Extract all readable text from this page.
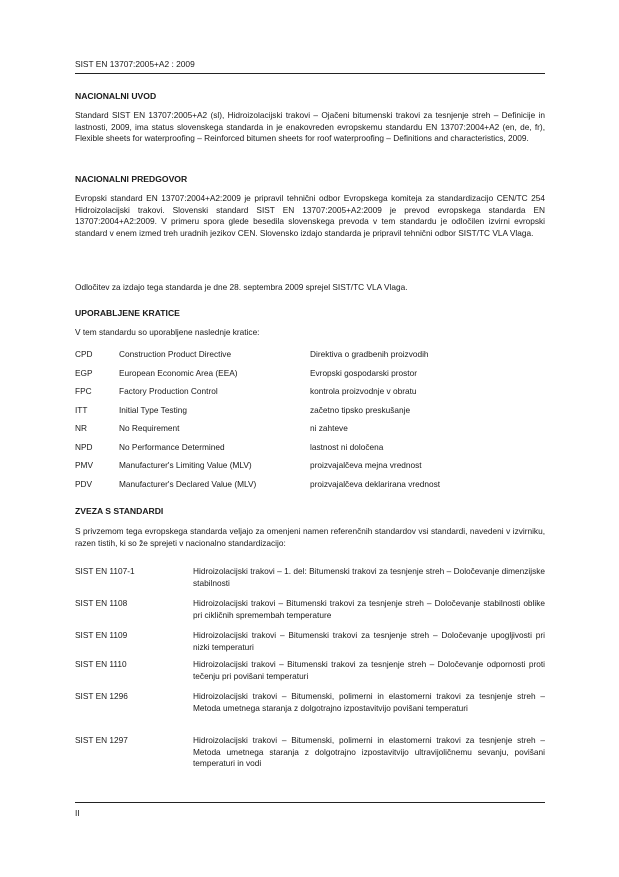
SIST EN 13707:2005+A2 : 2009
NACIONALNI UVOD
Standard SIST EN 13707:2005+A2 (sl), Hidroizolacijski trakovi – Ojačeni bitumenski trakovi za tesnjenje streh – Definicije in lastnosti, 2009, ima status slovenskega standarda in je enakovreden evropskemu standardu EN 13707:2004+A2 (en, de, fr), Flexible sheets for waterproofing – Reinforced bitumen sheets for roof waterproofing – Definitions and characteristics, 2009.
NACIONALNI PREDGOVOR
Evropski standard EN 13707:2004+A2:2009 je pripravil tehnični odbor Evropskega komiteja za standardizacijo CEN/TC 254 Hidroizolacijski trakovi. Slovenski standard SIST EN 13707:2005+A2:2009 je prevod evropskega standarda EN 13707:2004+A2:2009. V primeru spora glede besedila slovenskega prevoda v tem standardu je odločilen izvirni evropski standard v enem izmed treh uradnih jezikov CEN. Slovensko izdajo standarda je pripravil tehnični odbor SIST/TC VLA Vlaga.
Odločitev za izdajo tega standarda je dne 28. septembra 2009 sprejel SIST/TC VLA Vlaga.
UPORABLJENE KRATICE
V tem standardu so uporabljene naslednje kratice:
CPD	Construction Product Directive	Direktiva o gradbenih proizvodih
EGP	European Economic Area (EEA)	Evropski gospodarski prostor
FPC	Factory Production Control	kontrola proizvodnje v obratu
ITT	Initial Type Testing	začetno tipsko preskušanje
NR	No Requirement	ni zahteve
NPD	No Performance Determined	lastnost ni določena
PMV	Manufacturer's Limiting Value (MLV)	proizvajalčeva mejna vrednost
PDV	Manufacturer's Declared Value (MLV)	proizvajalčeva deklarirana vrednost
ZVEZA S STANDARDI
S privzemom tega evropskega standarda veljajo za omenjeni namen referenčnih standardov vsi standardi, navedeni v izvirniku, razen tistih, ki so že sprejeti v nacionalno standardizacijo:
SIST EN 1107-1	Hidroizolacijski trakovi – 1. del: Bitumenski trakovi za tesnjenje streh – Določevanje dimenzijske stabilnosti
SIST EN 1108	Hidroizolacijski trakovi – Bitumenski trakovi za tesnjenje streh – Določevanje stabilnosti oblike pri cikličnih spremembah temperature
SIST EN 1109	Hidroizolacijski trakovi – Bitumenski trakovi za tesnjenje streh – Določevanje upogljivosti pri nizki temperaturi
SIST EN 1110	Hidroizolacijski trakovi – Bitumenski trakovi za tesnjenje streh – Določevanje odpornosti proti tečenju pri povišani temperaturi
SIST EN 1296	Hidroizolacijski trakovi – Bitumenski, polimerni in elastomerni trakovi za tesnjenje streh – Metoda umetnega staranja z dolgotrajno izpostavitvijo povišani temperaturi
SIST EN 1297	Hidroizolacijski trakovi – Bitumenski, polimerni in elastomerni trakovi za tesnjenje streh – Metoda umetnega staranja z dolgotrajno izpostavitvijo ultravijoličnemu sevanju, povišani temperaturi in vodi
II
